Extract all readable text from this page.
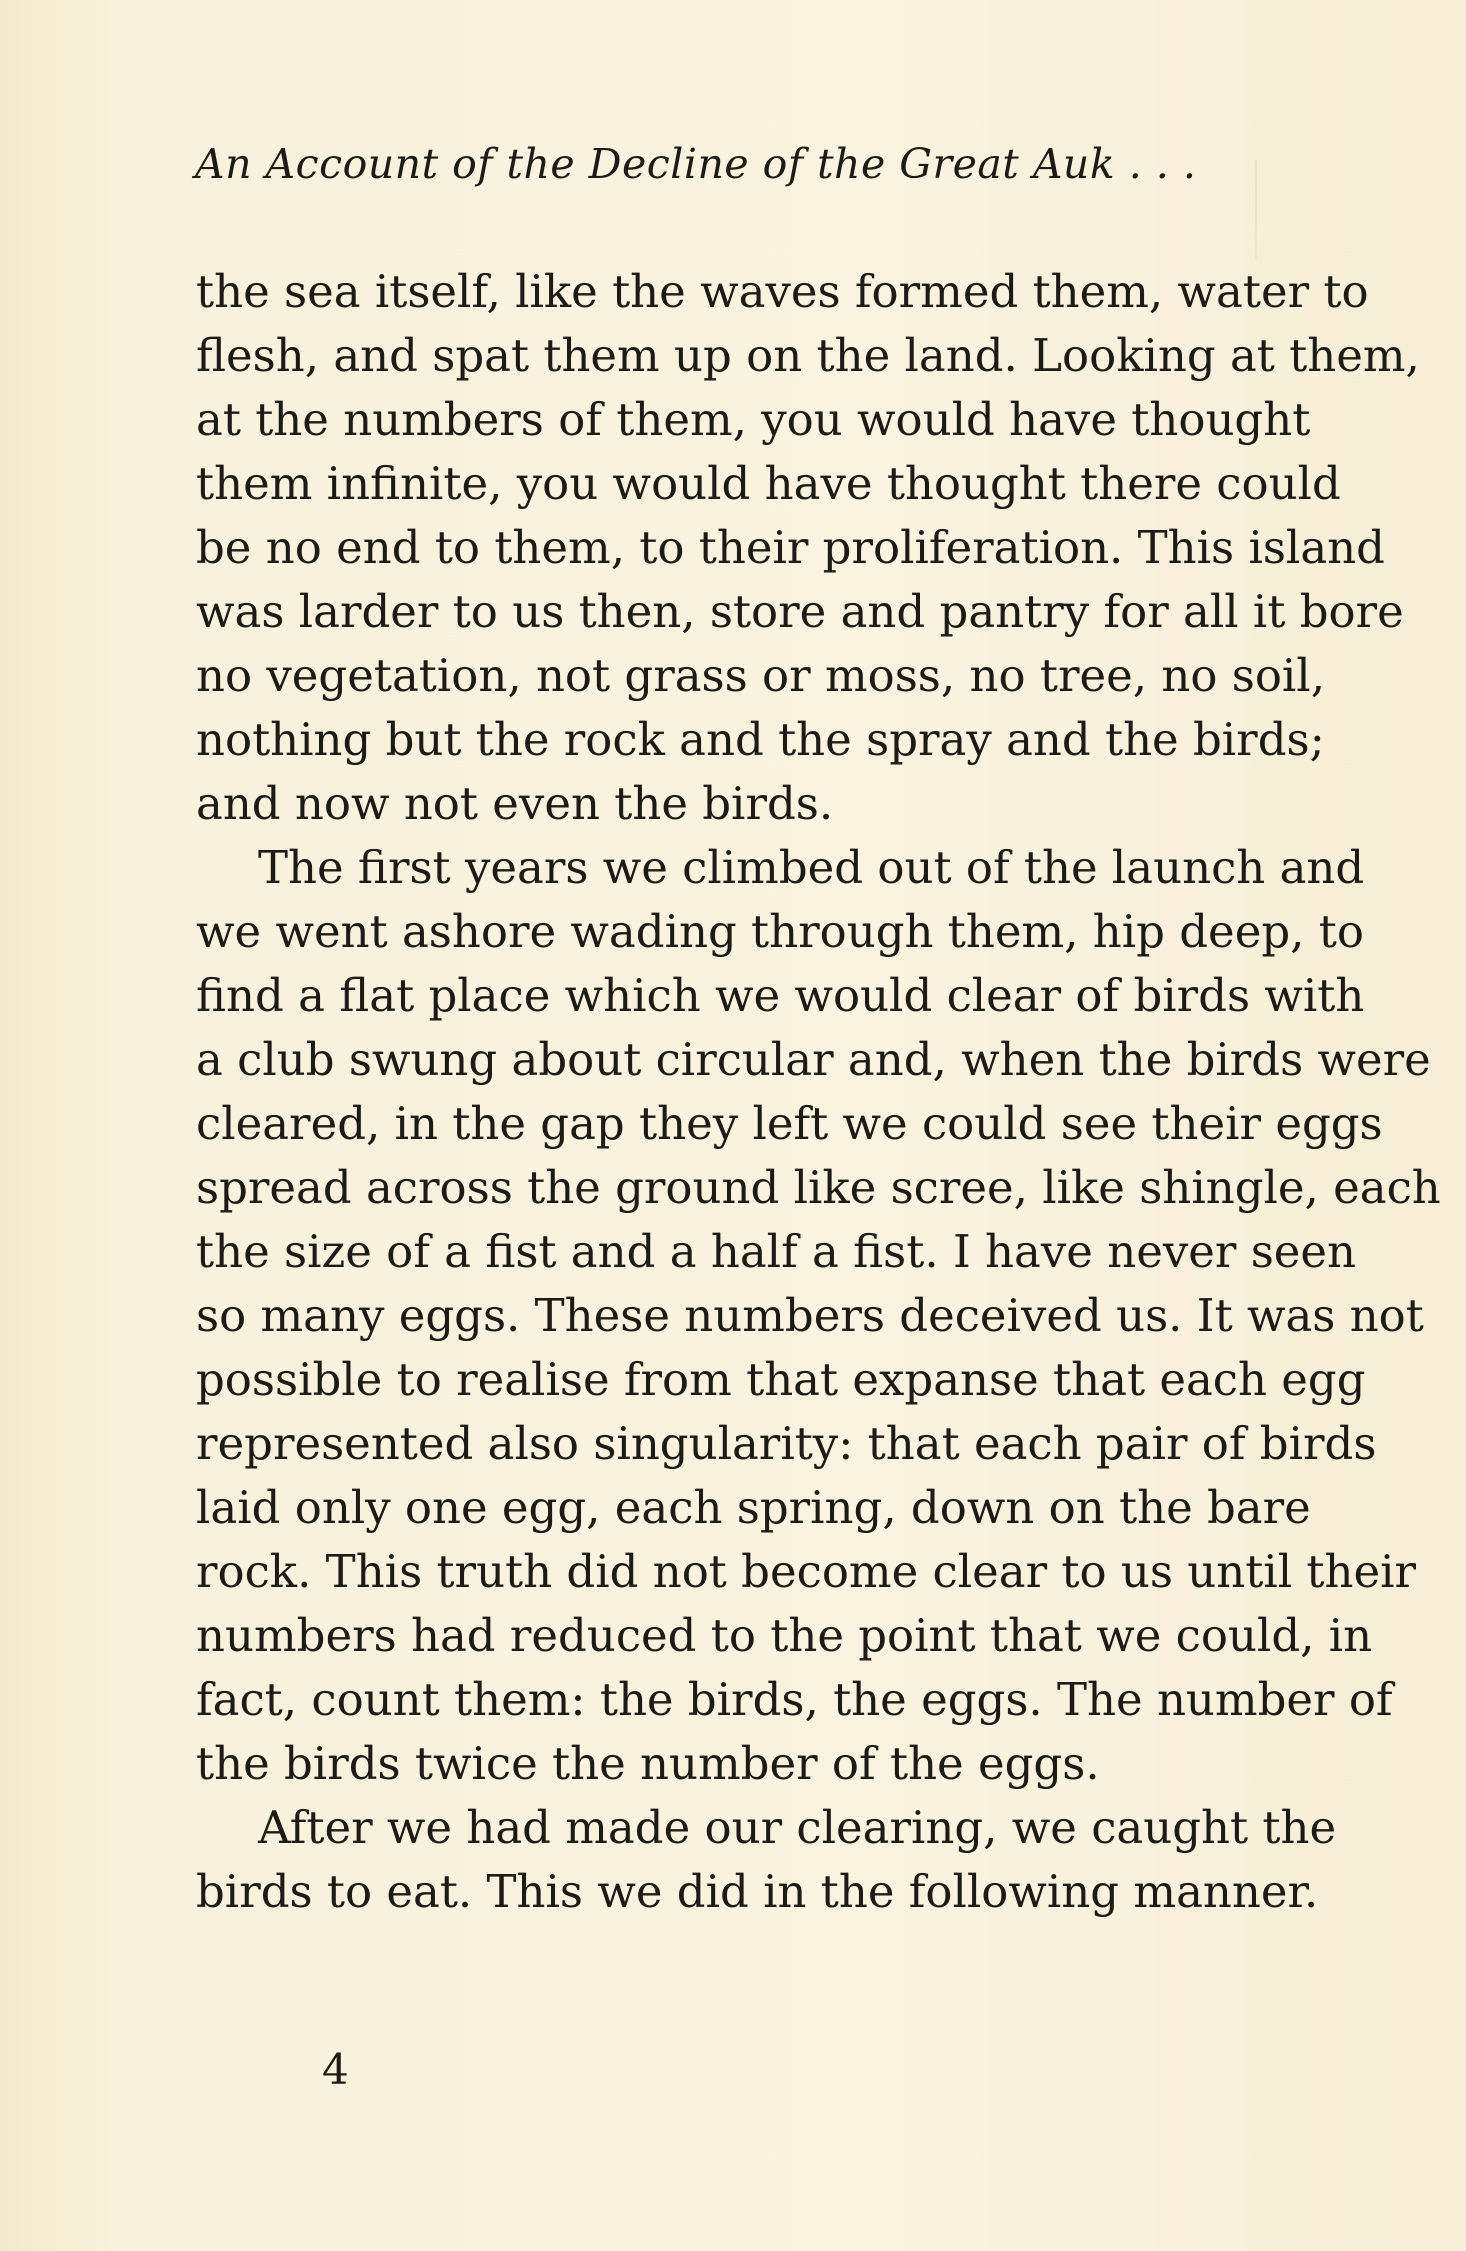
An Account of the Decline of the Great Auk . . .
the sea itself, like the waves formed them, water to
flesh, and spat them up on the land. Looking at them,
at the numbers of them, you would have thought
them infinite, you would have thought there could
be no end to them, to their proliferation. This island
was larder to us then, store and pantry for all it bore
no vegetation, not grass or moss, no tree, no soil,
nothing but the rock and the spray and the birds;
and now not even the birds.
The first years we climbed out of the launch and
we went ashore wading through them, hip deep, to
find a flat place which we would clear of birds with
a club swung about circular and, when the birds were
cleared, in the gap they left we could see their eggs
spread across the ground like scree, like shingle, each
the size of a fist and a half a fist. I have never seen
so many eggs. These numbers deceived us. It was not
possible to realise from that expanse that each egg
represented also singularity: that each pair of birds
laid only one egg, each spring, down on the bare
rock. This truth did not become clear to us until their
numbers had reduced to the point that we could, in
fact, count them: the birds, the eggs. The number of
the birds twice the number of the eggs.
After we had made our clearing, we caught the
birds to eat. This we did in the following manner.
4
